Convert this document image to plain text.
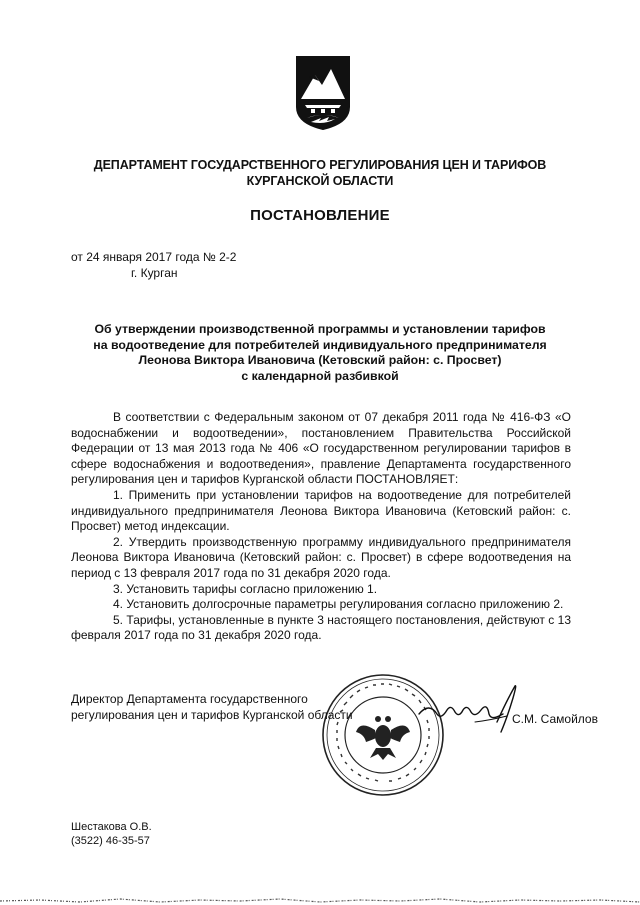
ДЕПАРТАМЕНТ ГОСУДАРСТВЕННОГО РЕГУЛИРОВАНИЯ ЦЕН И ТАРИФОВ
КУРГАНСКОЙ ОБЛАСТИ
ПОСТАНОВЛЕНИЕ
от 24 января 2017 года № 2-2
г. Курган
Об утверждении производственной программы и установлении тарифов
на водоотведение для потребителей индивидуального предпринимателя
Леонова Виктора Ивановича (Кетовский район: с. Просвет)
с календарной разбивкой

В соответствии с Федеральным законом от 07 декабря 2011 года № 416-ФЗ «О водоснабжении и водоотведении», постановлением Правительства Российской Федерации от 13 мая 2013 года № 406 «О государственном регулировании тарифов в сфере водоснабжения и водоотведения», правление Департамента государственного регулирования цен и тарифов Курганской области ПОСТАНОВЛЯЕТ:

1. Применить при установлении тарифов на водоотведение для потребителей индивидуального предпринимателя Леонова Виктора Ивановича (Кетовский район: с. Просвет) метод индексации.

2. Утвердить производственную программу индивидуального предпринимателя Леонова Виктора Ивановича (Кетовский район: с. Просвет) в сфере водоотведения на период с 13 февраля 2017 года по 31 декабря 2020 года.

3. Установить тарифы согласно приложению 1.

4. Установить долгосрочные параметры регулирования согласно приложению 2.

5. Тарифы, установленные в пункте 3 настоящего постановления, действуют с 13 февраля 2017 года по 31 декабря 2020 года.

Директор Департамента государственного
регулирования цен и тарифов Курганской области	С.М. Самойлов
Шестакова О.В.
(3522) 46-35-57
